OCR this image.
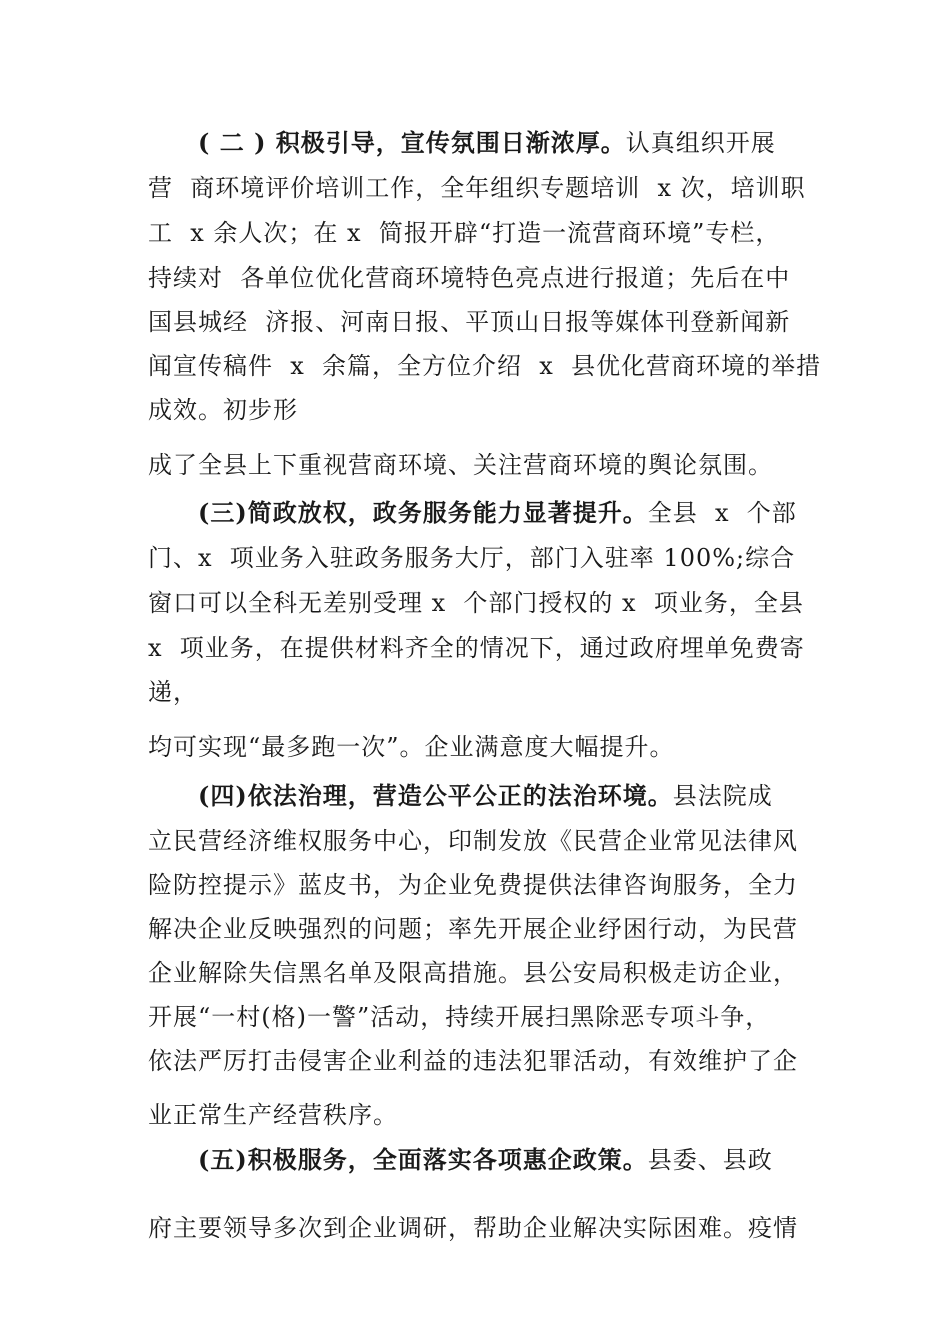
( 二 ) 积极引导，宣传氛围日渐浓厚。认真组织开展
营  商环境评价培训工作，全年组织专题培训  x 次，培训职
工  x 余人次；在 x  简报开辟“打造一流营商环境”专栏，
持续对  各单位优化营商环境特色亮点进行报道；先后在中
国县城经  济报、河南日报、平顶山日报等媒体刊登新闻新
闻宣传稿件  x  余篇，全方位介绍  x  县优化营商环境的举措
成效。初步形
成了全县上下重视营商环境、关注营商环境的舆论氛围。
(三)简政放权，政务服务能力显著提升。全县  x  个部
门、x  项业务入驻政务服务大厅，部门入驻率 100%;综合
窗口可以全科无差别受理 x  个部门授权的 x  项业务，全县
x  项业务，在提供材料齐全的情况下，通过政府埋单免费寄
递，
均可实现“最多跑一次”。企业满意度大幅提升。
(四)依法治理，营造公平公正的法治环境。县法院成
立民营经济维权服务中心，印制发放《民营企业常见法律风
险防控提示》蓝皮书，为企业免费提供法律咨询服务，全力
解决企业反映强烈的问题；率先开展企业纾困行动，为民营
企业解除失信黑名单及限高措施。县公安局积极走访企业，
开展“一村(格)一警”活动，持续开展扫黑除恶专项斗争，
依法严厉打击侵害企业利益的违法犯罪活动，有效维护了企
业正常生产经营秩序。
(五)积极服务，全面落实各项惠企政策。县委、县政
府主要领导多次到企业调研，帮助企业解决实际困难。疫情
